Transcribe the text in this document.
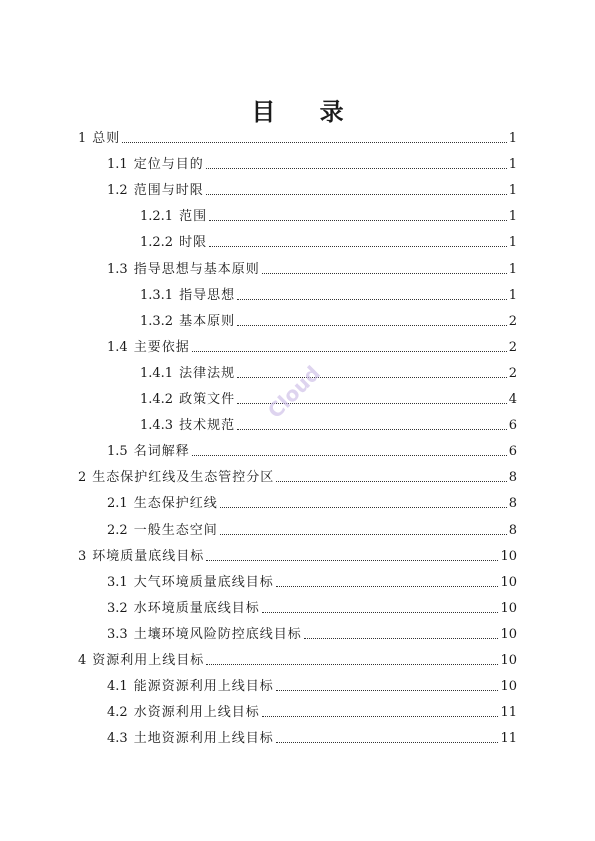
目 录
1 总则	1
1.1 定位与目的	1
1.2 范围与时限	1
1.2.1 范围	1
1.2.2 时限	1
1.3 指导思想与基本原则	1
1.3.1 指导思想	1
1.3.2 基本原则	2
1.4 主要依据	2
1.4.1 法律法规	2
1.4.2 政策文件	4
1.4.3 技术规范	6
1.5 名词解释	6
2 生态保护红线及生态管控分区	8
2.1 生态保护红线	8
2.2 一般生态空间	8
3 环境质量底线目标	10
3.1 大气环境质量底线目标	10
3.2 水环境质量底线目标	10
3.3 土壤环境风险防控底线目标	10
4 资源利用上线目标	10
4.1 能源资源利用上线目标	10
4.2 水资源利用上线目标	11
4.3 土地资源利用上线目标	11
Cloud
